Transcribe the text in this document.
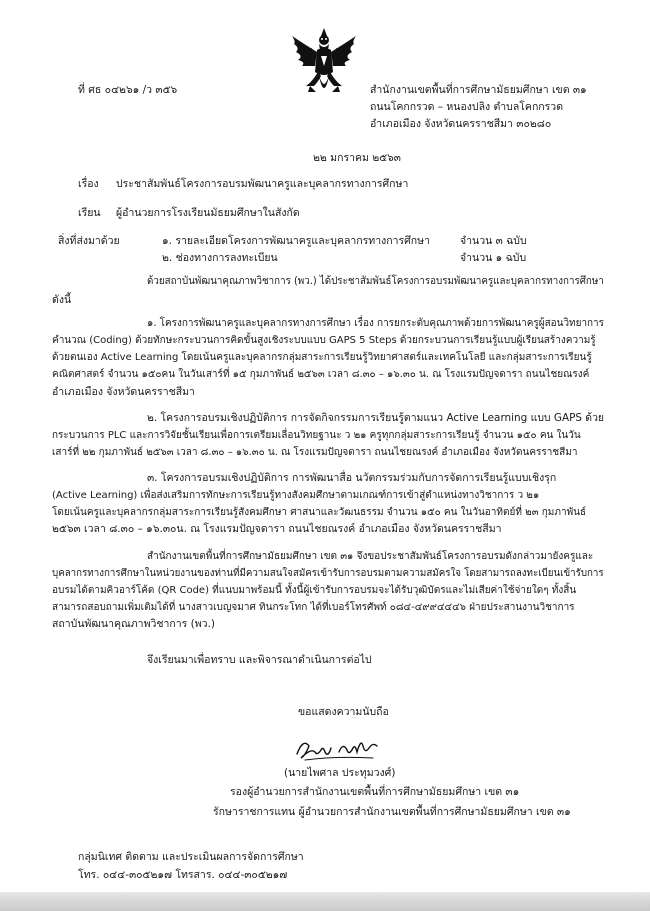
ที่ ศธ ๐๔๒๖๑ /ว ๓๕๖	สำนักงานเขตพื้นที่การศึกษามัธยมศึกษา เขต ๓๑
ถนนโคกกรวด – หนองปลิง ตำบลโคกกรวด
อำเภอเมือง จังหวัดนครราชสีมา ๓๐๒๘๐
๒๒ มกราคม ๒๕๖๓
เรื่อง ประชาสัมพันธ์โครงการอบรมพัฒนาครูและบุคลากรทางการศึกษา
เรียน ผู้อำนวยการโรงเรียนมัธยมศึกษาในสังกัด
สิ่งที่ส่งมาด้วย	๑. รายละเอียดโครงการพัฒนาครูและบุคลากรทางการศึกษา	จำนวน ๓ ฉบับ
๒. ช่องทางการลงทะเบียน	จำนวน ๑ ฉบับ
ด้วยสถาบันพัฒนาคุณภาพวิชาการ (พว.) ได้ประชาสัมพันธ์โครงการอบรมพัฒนาครูและบุคลากรทางการศึกษา
ดังนี้
๑. โครงการพัฒนาครูและบุคลากรทางการศึกษา เรื่อง การยกระดับคุณภาพด้วยการพัฒนาครูผู้สอนวิทยาการ
คำนวณ (Coding) ด้วยทักษะกระบวนการคิดขั้นสูงเชิงระบบแบบ GAPS 5 Steps ด้วยกระบวนการเรียนรู้แบบผู้เรียนสร้างความรู้
ด้วยตนเอง Active Learning โดยเน้นครูและบุคลากรกลุ่มสาระการเรียนรู้วิทยาศาสตร์และเทคโนโลยี และกลุ่มสาระการเรียนรู้
คณิตศาสตร์ จำนวน ๑๕๐คน ในวันเสาร์ที่ ๑๕ กุมภาพันธ์ ๒๕๖๓ เวลา ๘.๓๐ – ๑๖.๓๐ น. ณ โรงแรมปัญจดารา ถนนไชยณรงค์
อำเภอเมือง จังหวัดนครราชสีมา
๒. โครงการอบรมเชิงปฏิบัติการ การจัดกิจกรรมการเรียนรู้ตามแนว Active Learning แบบ GAPS ด้วย
กระบวนการ PLC และการวิจัยชั้นเรียนเพื่อการเตรียมเลื่อนวิทยฐานะ ว ๒๑ ครูทุกกลุ่มสาระการเรียนรู้ จำนวน ๑๕๐ คน ในวัน
เสาร์ที่ ๒๒ กุมภาพันธ์ ๒๕๖๓ เวลา ๘.๓๐ – ๑๖.๓๐ น. ณ โรงแรมปัญจดารา ถนนไชยณรงค์ อำเภอเมือง จังหวัดนครราชสีมา
๓. โครงการอบรมเชิงปฏิบัติการ การพัฒนาสื่อ นวัตกรรมร่วมกับการจัดการเรียนรู้แบบเชิงรุก
(Active Learning) เพื่อส่งเสริมการทักษะการเรียนรู้ทางสังคมศึกษาตามเกณฑ์การเข้าสู่ตำแหน่งทางวิชาการ ว ๒๑
โดยเน้นครูและบุคลากรกลุ่มสาระการเรียนรู้สังคมศึกษา ศาสนาและวัฒนธรรม จำนวน ๑๕๐ คน ในวันอาทิตย์ที่ ๒๓ กุมภาพันธ์
๒๕๖๓ เวลา ๘.๓๐ – ๑๖.๓๐น. ณ โรงแรมปัญจดารา ถนนไชยณรงค์ อำเภอเมือง จังหวัดนครราชสีมา
สำนักงานเขตพื้นที่การศึกษามัธยมศึกษา เขต ๓๑ จึงขอประชาสัมพันธ์โครงการอบรมดังกล่าวมายังครูและ
บุคลากรทางการศึกษาในหน่วยงานของท่านที่มีความสนใจสมัครเข้ารับการอบรมตามความสมัครใจ โดยสามารถลงทะเบียนเข้ารับการ
อบรมได้ตามคิวอาร์โค้ด (QR Code) ที่แนบมาพร้อมนี้ ทั้งนี้ผู้เข้ารับการอบรมจะได้รับวุฒิบัตรและไม่เสียค่าใช้จ่ายใดๆ ทั้งสิ้น
สามารถสอบถามเพิ่มเติมได้ที่ นางสาวเบญจมาศ ทินกระโทก ได้ที่เบอร์โทรศัพท์ ๐๘๔-๔๙๙๔๔๔๖ ฝ่ายประสานงานวิชาการ
สถาบันพัฒนาคุณภาพวิชาการ (พว.)
จึงเรียนมาเพื่อทราบ และพิจารณาดำเนินการต่อไป
ขอแสดงความนับถือ
(นายไพศาล ประทุมวงศ์)
รองผู้อำนวยการสำนักงานเขตพื้นที่การศึกษามัธยมศึกษา เขต ๓๑
รักษาราชการแทน ผู้อำนวยการสำนักงานเขตพื้นที่การศึกษามัธยมศึกษา เขต ๓๑
กลุ่มนิเทศ ติดตาม และประเมินผลการจัดการศึกษา
โทร. ๐๔๔-๓๐๕๒๑๗ โทรสาร. ๐๔๔-๓๐๕๒๑๗
